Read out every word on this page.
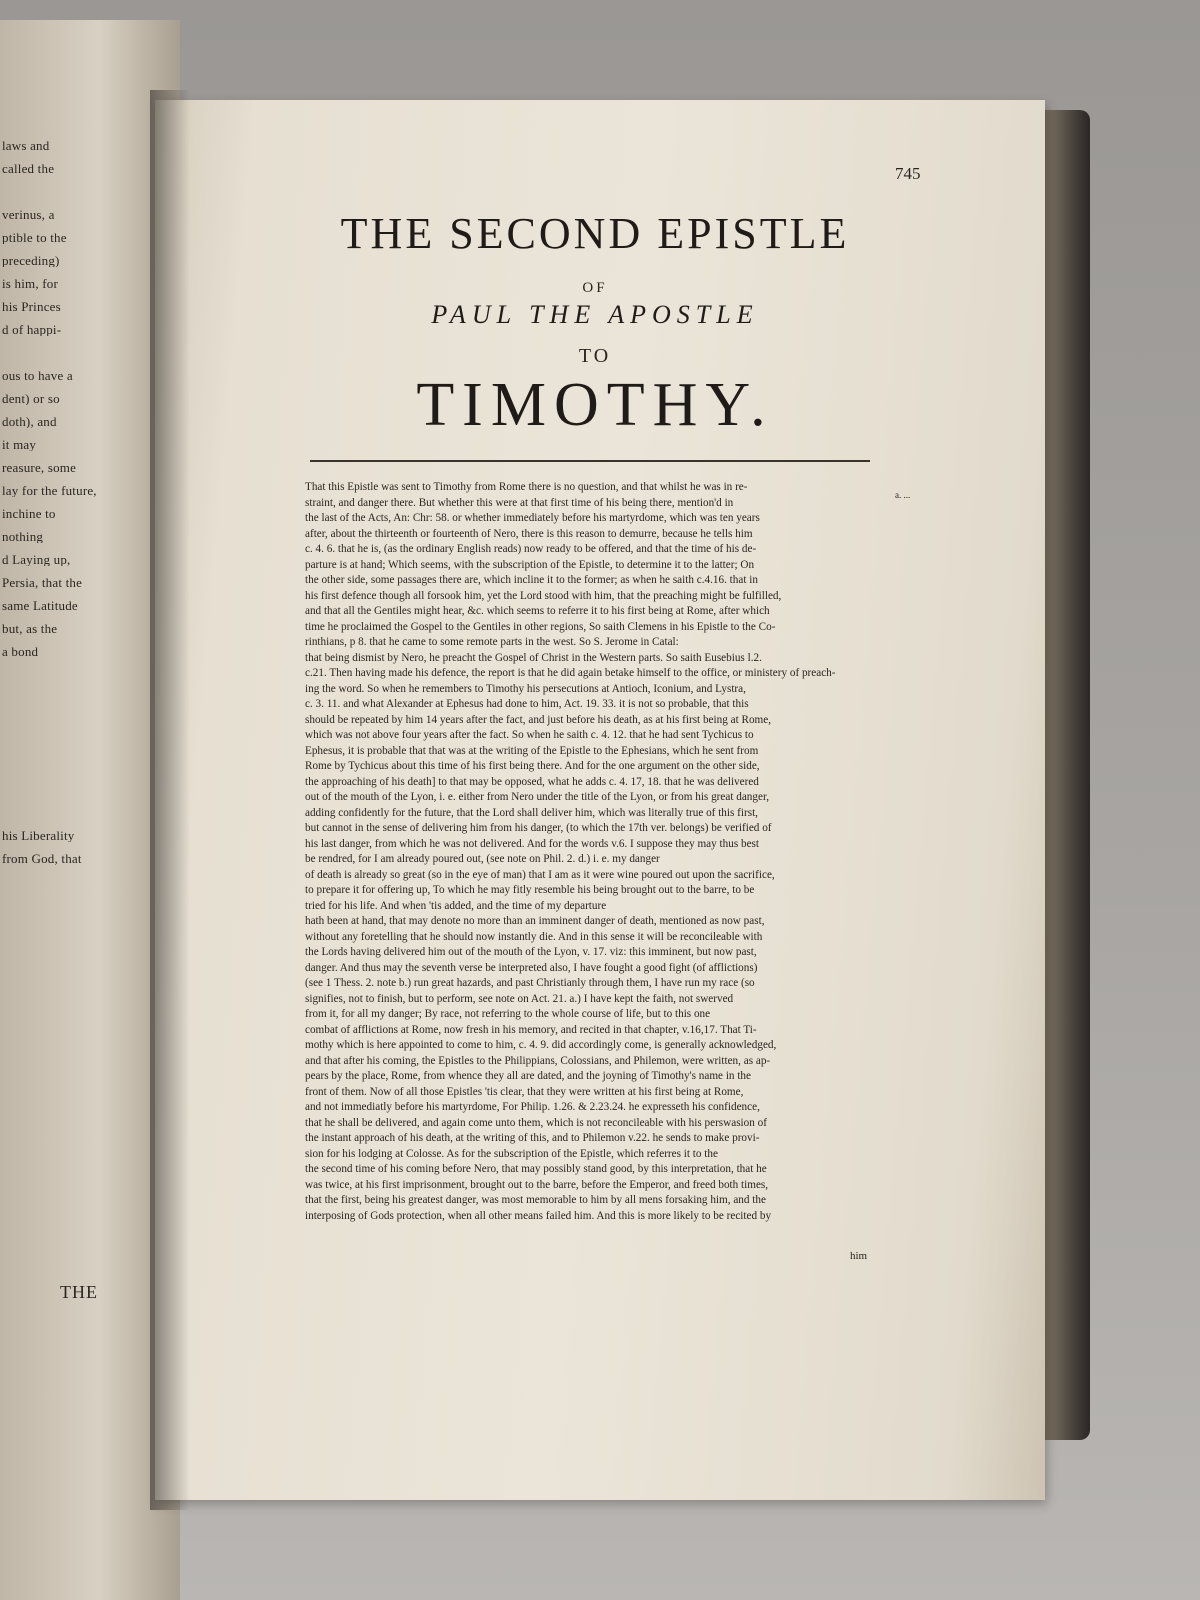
THE
laws and
called the
verinus, a
ptible to the
preceding)
is him, for
his Princes
d of happi-
ous to have a
dent) or so
doth), and
it may
reasure, some
lay for the future,
inchine to
nothing
d Laying up,
Persia, that the
same Latitude
but, as the
a bond
his Liberality
from God, that
745
THE SECOND EPISTLE
OF
PAUL THE APOSTLE
TO
TIMOTHY.
a. ...
That this Epistle was sent to Timothy from Rome there is no question, and that whilst he was in re-
straint, and danger there. But whether this were at that first time of his being there, mention'd in
the last of the Acts, An: Chr: 58. or whether immediately before his martyrdome, which was ten years
after, about the thirteenth or fourteenth of Nero, there is this reason to demurre, because he tells him
c. 4. 6. that he is, (as the ordinary English reads) now ready to be offered, and that the time of his de-
parture is at hand; Which seems, with the subscription of the Epistle, to determine it to the latter; On
the other side, some passages there are, which incline it to the former; as when he saith c.4.16. that in
his first defence though all forsook him, yet the Lord stood with him, that the preaching might be fulfilled,
and that all the Gentiles might hear, &c. which seems to referre it to his first being at Rome, after which
time he proclaimed the Gospel to the Gentiles in other regions, So saith Clemens in his Epistle to the Co-
rinthians, p 8. that he came to some remote parts in the west. So S. Jerome in Catal:
that being dismist by Nero, he preacht the Gospel of Christ in the Western parts. So saith Eusebius l.2.
c.21. Then having made his defence, the report is that he did again betake himself to the office, or ministery of preach-
ing the word. So when he remembers to Timothy his persecutions at Antioch, Iconium, and Lystra,
c. 3. 11. and what Alexander at Ephesus had done to him, Act. 19. 33. it is not so probable, that this
should be repeated by him 14 years after the fact, and just before his death, as at his first being at Rome,
which was not above four years after the fact. So when he saith c. 4. 12. that he had sent Tychicus to
Ephesus, it is probable that that was at the writing of the Epistle to the Ephesians, which he sent from
Rome by Tychicus about this time of his first being there. And for the one argument on the other side,
the approaching of his death] to that may be opposed, what he adds c. 4. 17, 18. that he was delivered
out of the mouth of the Lyon, i. e. either from Nero under the title of the Lyon, or from his great danger,
adding confidently for the future, that the Lord shall deliver him, which was literally true of this first,
but cannot in the sense of delivering him from his danger, (to which the 17th ver. belongs) be verified of
his last danger, from which he was not delivered. And for the words v.6. I suppose they may thus best
be rendred, for I am already poured out, (see note on Phil. 2. d.) i. e. my danger
of death is already so great (so in the eye of man) that I am as it were wine poured out upon the sacrifice,
to prepare it for offering up, To which he may fitly resemble his being brought out to the barre, to be
tried for his life. And when 'tis added, and the time of my departure
hath been at hand, that may denote no more than an imminent danger of death, mentioned as now past,
without any foretelling that he should now instantly die. And in this sense it will be reconcileable with
the Lords having delivered him out of the mouth of the Lyon, v. 17. viz: this imminent, but now past,
danger. And thus may the seventh verse be interpreted also, I have fought a good fight (of afflictions)
(see 1 Thess. 2. note b.) run great hazards, and past Christianly through them, I have run my race (so
signifies, not to finish, but to perform, see note on Act. 21. a.) I have kept the faith, not swerved
from it, for all my danger; By race, not referring to the whole course of life, but to this one
combat of afflictions at Rome, now fresh in his memory, and recited in that chapter, v.16,17. That Ti-
mothy which is here appointed to come to him, c. 4. 9. did accordingly come, is generally acknowledged,
and that after his coming, the Epistles to the Philippians, Colossians, and Philemon, were written, as ap-
pears by the place, Rome, from whence they all are dated, and the joyning of Timothy's name in the
front of them. Now of all those Epistles 'tis clear, that they were written at his first being at Rome,
and not immediatly before his martyrdome, For Philip. 1.26. & 2.23.24. he expresseth his confidence,
that he shall be delivered, and again come unto them, which is not reconcileable with his perswasion of
the instant approach of his death, at the writing of this, and to Philemon v.22. he sends to make provi-
sion for his lodging at Colosse. As for the subscription of the Epistle, which referres it to the
the second time of his coming before Nero, that may possibly stand good, by this interpretation, that he
was twice, at his first imprisonment, brought out to the barre, before the Emperor, and freed both times,
that the first, being his greatest danger, was most memorable to him by all mens forsaking him, and the
interposing of Gods protection, when all other means failed him. And this is more likely to be recited by
him
